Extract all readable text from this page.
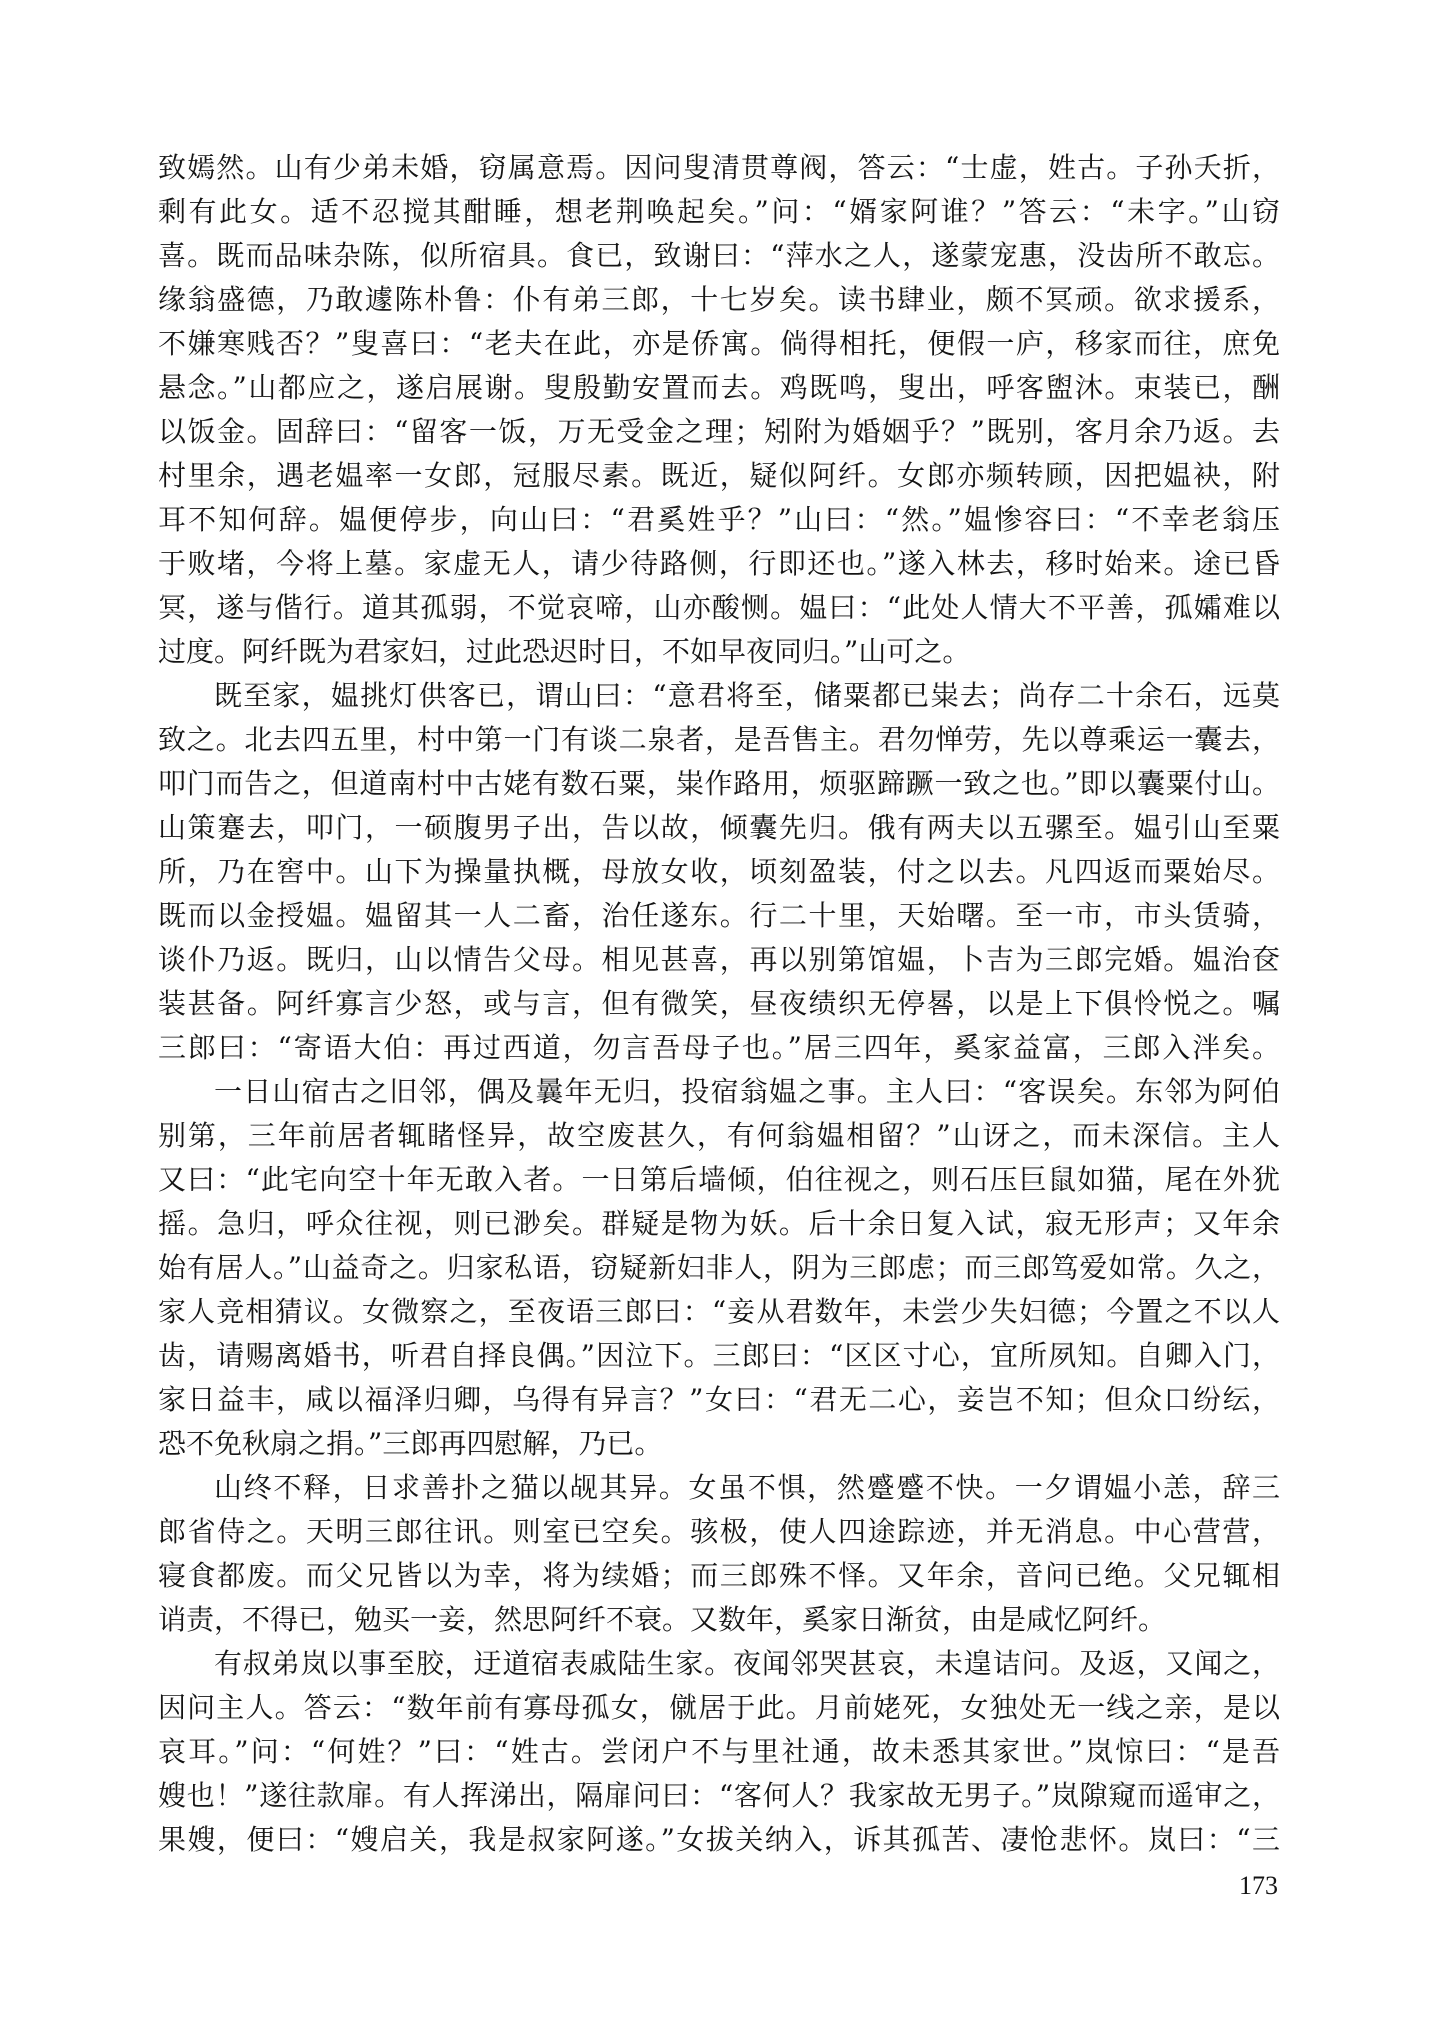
致嫣然。山有少弟未婚，窃属意焉。因问叟清贯尊阀，答云：“士虚，姓古。子孙夭折，
剩有此女。适不忍搅其酣睡，想老荆唤起矣。”问：“婿家阿谁？”答云：“未字。”山窃
喜。既而品味杂陈，似所宿具。食已，致谢曰：“萍水之人，遂蒙宠惠，没齿所不敢忘。
缘翁盛德，乃敢遽陈朴鲁：仆有弟三郎，十七岁矣。读书肆业，颇不冥顽。欲求援系，
不嫌寒贱否？”叟喜曰：“老夫在此，亦是侨寓。倘得相托，便假一庐，移家而往，庶免
悬念。”山都应之，遂启展谢。叟殷勤安置而去。鸡既鸣，叟出，呼客盥沐。束装已，酬
以饭金。固辞曰：“留客一饭，万无受金之理；矧附为婚姻乎？”既别，客月余乃返。去
村里余，遇老媪率一女郎，冠服尽素。既近，疑似阿纤。女郎亦频转顾，因把媪袂，附
耳不知何辞。媪便停步，向山曰：“君奚姓乎？”山曰：“然。”媪惨容曰：“不幸老翁压
于败堵，今将上墓。家虚无人，请少待路侧，行即还也。”遂入林去，移时始来。途已昏
冥，遂与偕行。道其孤弱，不觉哀啼，山亦酸恻。媪曰：“此处人情大不平善，孤孀难以
过度。阿纤既为君家妇，过此恐迟时日，不如早夜同归。”山可之。
既至家，媪挑灯供客已，谓山曰：“意君将至，储粟都已粜去；尚存二十余石，远莫
致之。北去四五里，村中第一门有谈二泉者，是吾售主。君勿惮劳，先以尊乘运一囊去，
叩门而告之，但道南村中古姥有数石粟，粜作路用，烦驱蹄蹶一致之也。”即以囊粟付山。
山策蹇去，叩门，一硕腹男子出，告以故，倾囊先归。俄有两夫以五骡至。媪引山至粟
所，乃在窖中。山下为操量执概，母放女收，顷刻盈装，付之以去。凡四返而粟始尽。
既而以金授媪。媪留其一人二畜，治任遂东。行二十里，天始曙。至一市，市头赁骑，
谈仆乃返。既归，山以情告父母。相见甚喜，再以别第馆媪，卜吉为三郎完婚。媪治奁
装甚备。阿纤寡言少怒，或与言，但有微笑，昼夜绩织无停晷，以是上下俱怜悦之。嘱
三郎曰：“寄语大伯：再过西道，勿言吾母子也。”居三四年，奚家益富，三郎入泮矣。
一日山宿古之旧邻，偶及曩年无归，投宿翁媪之事。主人曰：“客误矣。东邻为阿伯
别第，三年前居者辄睹怪异，故空废甚久，有何翁媪相留？”山讶之，而未深信。主人
又曰：“此宅向空十年无敢入者。一日第后墙倾，伯往视之，则石压巨鼠如猫，尾在外犹
摇。急归，呼众往视，则已渺矣。群疑是物为妖。后十余日复入试，寂无形声；又年余
始有居人。”山益奇之。归家私语，窃疑新妇非人，阴为三郎虑；而三郎笃爱如常。久之，
家人竞相猜议。女微察之，至夜语三郎曰：“妾从君数年，未尝少失妇德；今置之不以人
齿，请赐离婚书，听君自择良偶。”因泣下。三郎曰：“区区寸心，宜所夙知。自卿入门，
家日益丰，咸以福泽归卿，乌得有异言？”女曰：“君无二心，妾岂不知；但众口纷纭，
恐不免秋扇之捐。”三郎再四慰解，乃已。
山终不释，日求善扑之猫以觇其异。女虽不惧，然蹙蹙不快。一夕谓媪小恙，辞三
郎省侍之。天明三郎往讯。则室已空矣。骇极，使人四途踪迹，并无消息。中心营营，
寝食都废。而父兄皆以为幸，将为续婚；而三郎殊不怿。又年余，音问已绝。父兄辄相
诮责，不得已，勉买一妾，然思阿纤不衰。又数年，奚家日渐贫，由是咸忆阿纤。
有叔弟岚以事至胶，迂道宿表戚陆生家。夜闻邻哭甚哀，未遑诘问。及返，又闻之，
因问主人。答云：“数年前有寡母孤女，僦居于此。月前姥死，女独处无一线之亲，是以
哀耳。”问：“何姓？”曰：“姓古。尝闭户不与里社通，故未悉其家世。”岚惊曰：“是吾
嫂也！”遂往款扉。有人挥涕出，隔扉问曰：“客何人？我家故无男子。”岚隙窥而遥审之，
果嫂，便曰：“嫂启关，我是叔家阿遂。”女拔关纳入，诉其孤苦、凄怆悲怀。岚曰：“三
173
